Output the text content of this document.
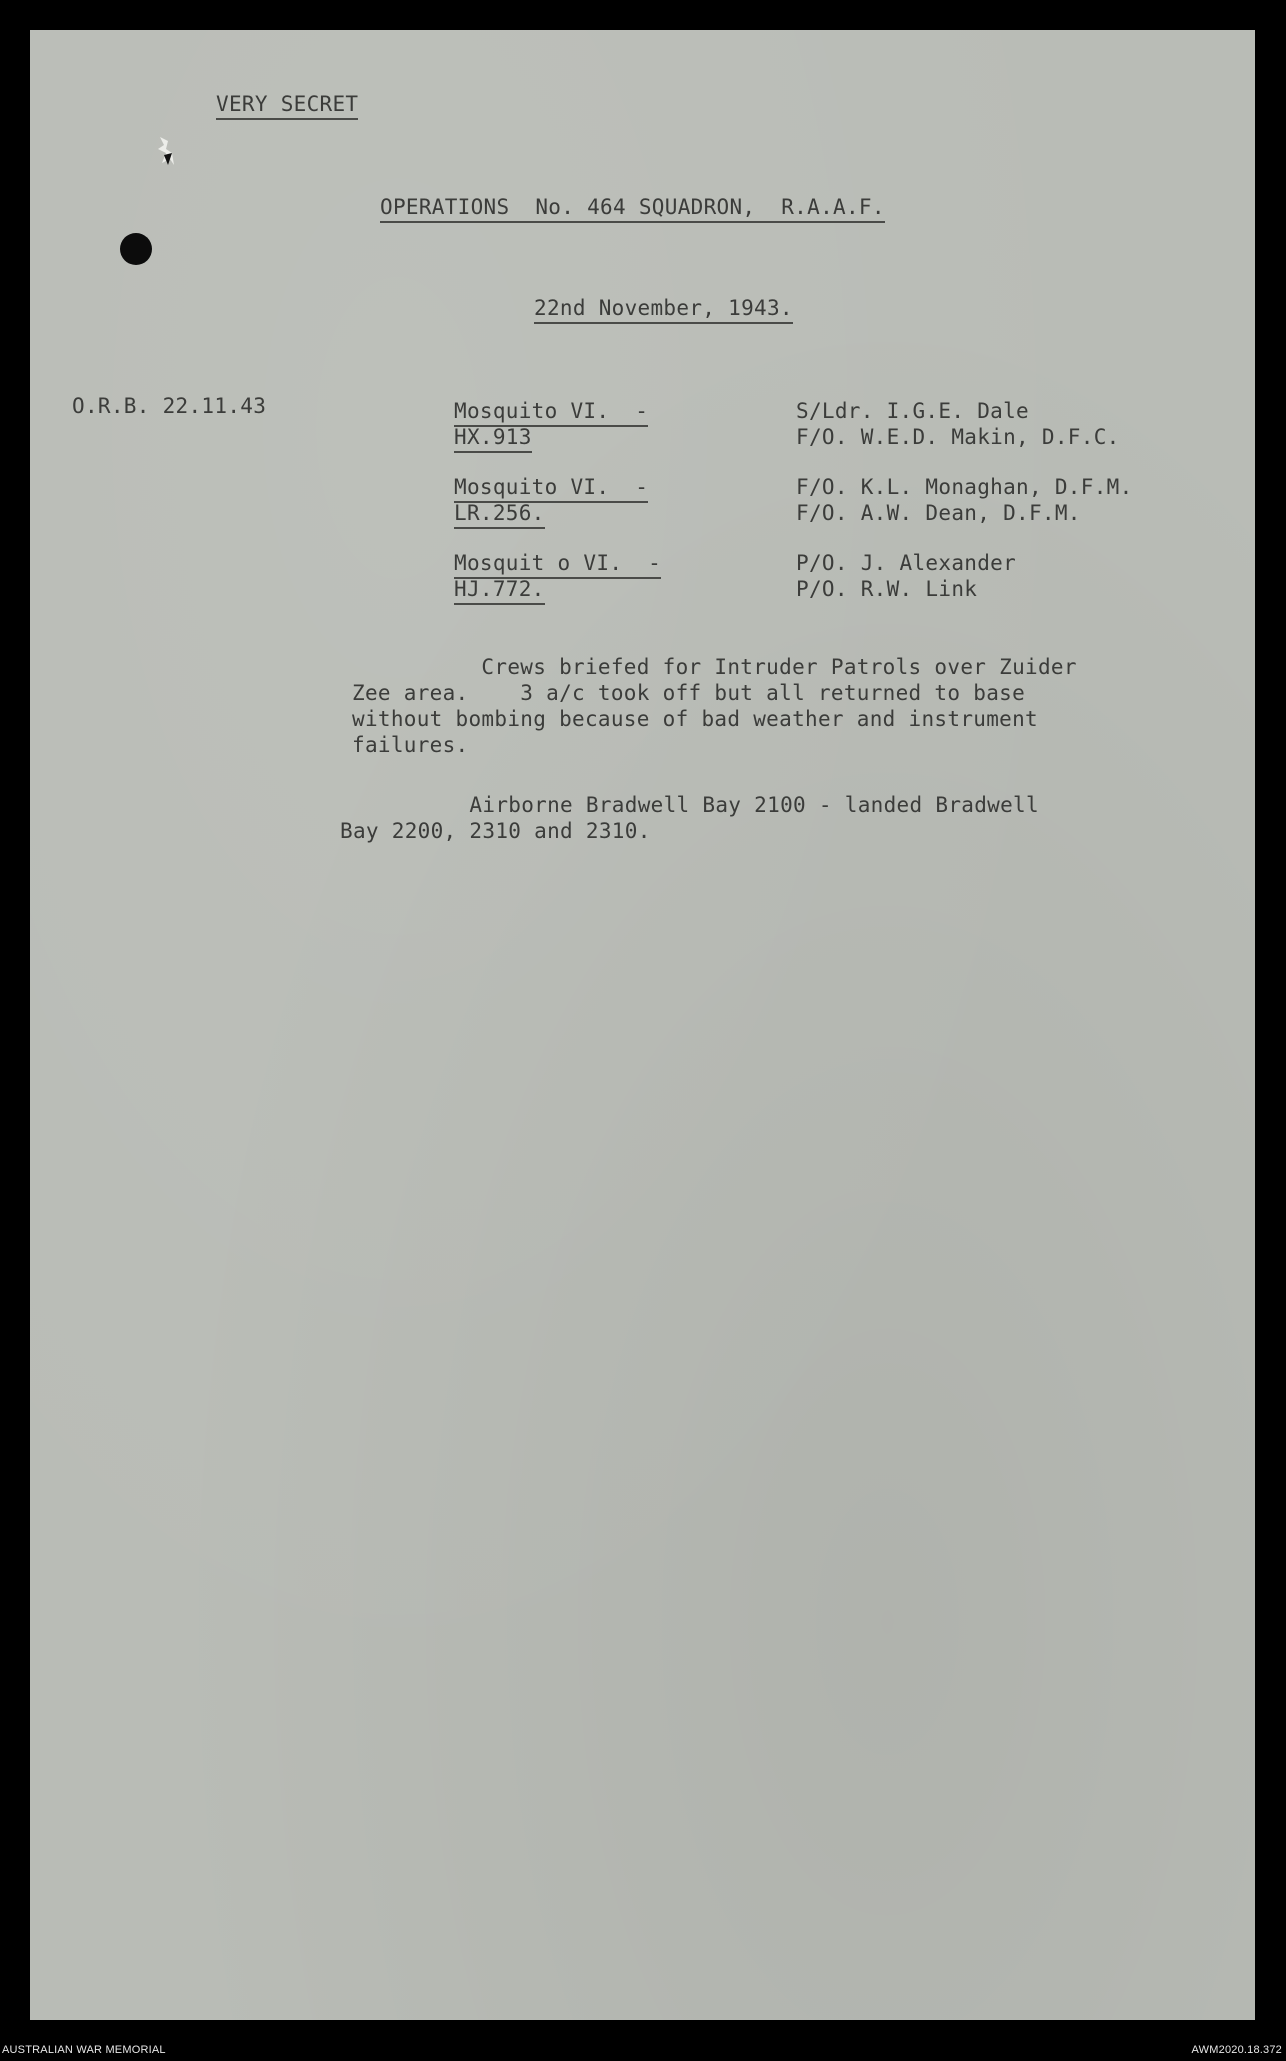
VERY SECRET
OPERATIONS  No. 464 SQUADRON,  R.A.A.F.
22nd November, 1943.
O.R.B. 22.11.43	Mosquito VI.  -
HX.913
S/Ldr. I.G.E. Dale
F/O. W.E.D. Makin, D.F.C.
Mosquito VI.  -
LR.256.
F/O. K.L. Monaghan, D.F.M.
F/O. A.W. Dean, D.F.M.
Mosquit o VI.  -
HJ.772.
P/O. J. Alexander
P/O. R.W. Link
Crews briefed for Intruder Patrols over Zuider
Zee area.    3 a/c took off but all returned to base
without bombing because of bad weather and instrument
failures.
Airborne Bradwell Bay 2100 - landed Bradwell
Bay 2200, 2310 and 2310.
AUSTRALIAN WAR MEMORIAL	AWM2020.18.372
